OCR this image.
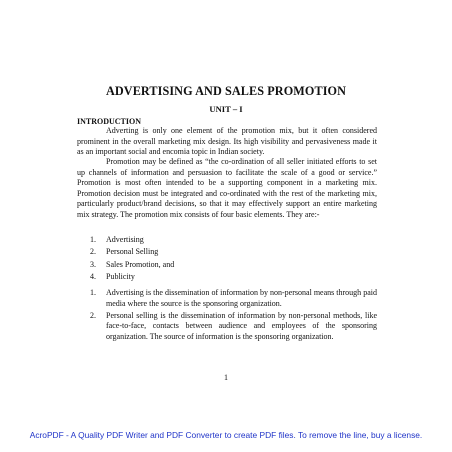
ADVERTISING AND SALES PROMOTION
UNIT – I
INTRODUCTION
Adverting is only one element of the promotion mix, but it often considered prominent in the overall marketing mix design. Its high visibility and pervasiveness made it as an important social and encomia topic in Indian society.
Promotion may be defined as “the co-ordination of all seller initiated efforts to set up channels of information and persuasion to facilitate the scale of a good or service.” Promotion is most often intended to be a supporting component in a marketing mix. Promotion decision must be integrated and co-ordinated with the rest of the marketing mix, particularly product/brand decisions, so that it may effectively support an entire marketing mix strategy. The promotion mix consists of four basic elements. They are:-
1. Advertising
2. Personal Selling
3. Sales Promotion, and
4. Publicity
1. Advertising is the dissemination of information by non-personal means through paid media where the source is the sponsoring organization.
2. Personal selling is the dissemination of information by non-personal methods, like face-to-face, contacts between audience and employees of the sponsoring organization. The source of information is the sponsoring organization.
1
AcroPDF - A Quality PDF Writer and PDF Converter to create PDF files. To remove the line, buy a license.
